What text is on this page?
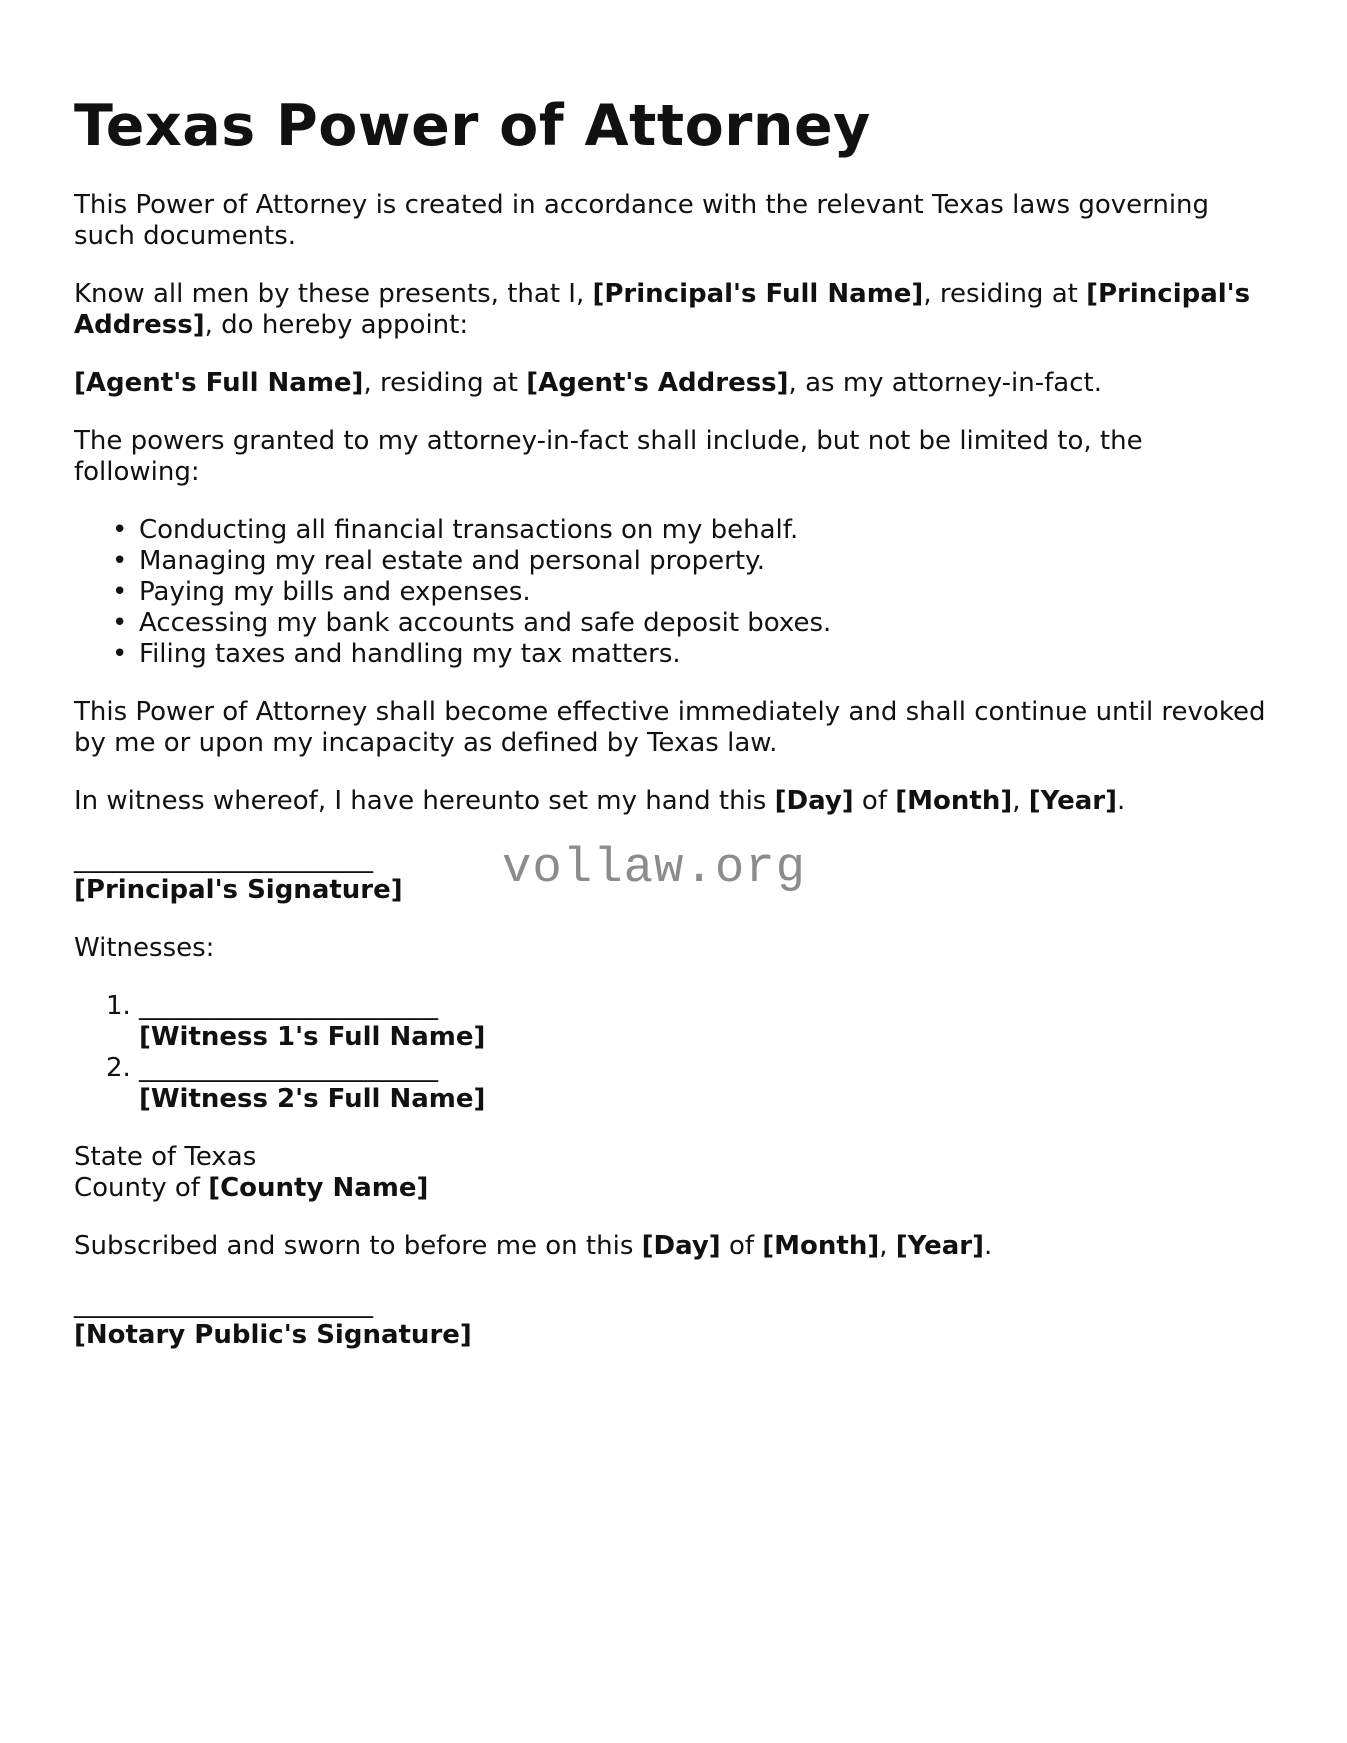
Texas Power of Attorney

This Power of Attorney is created in accordance with the relevant Texas laws governing such documents.

Know all men by these presents, that I, [Principal's Full Name], residing at [Principal's Address], do hereby appoint:

[Agent's Full Name], residing at [Agent's Address], as my attorney-in-fact.

The powers granted to my attorney-in-fact shall include, but not be limited to, the following:

• Conducting all financial transactions on my behalf.
• Managing my real estate and personal property.
• Paying my bills and expenses.
• Accessing my bank accounts and safe deposit boxes.
• Filing taxes and handling my tax matters.

This Power of Attorney shall become effective immediately and shall continue until revoked by me or upon my incapacity as defined by Texas law.

In witness whereof, I have hereunto set my hand this [Day] of [Month], [Year].

_______________________
[Principal's Signature]

Witnesses:

1. _______________________
[Witness 1's Full Name]
2. _______________________
[Witness 2's Full Name]
State of Texas
County of [County Name]

Subscribed and sworn to before me on this [Day] of [Month], [Year].

_______________________
[Notary Public's Signature]
vollaw.org
